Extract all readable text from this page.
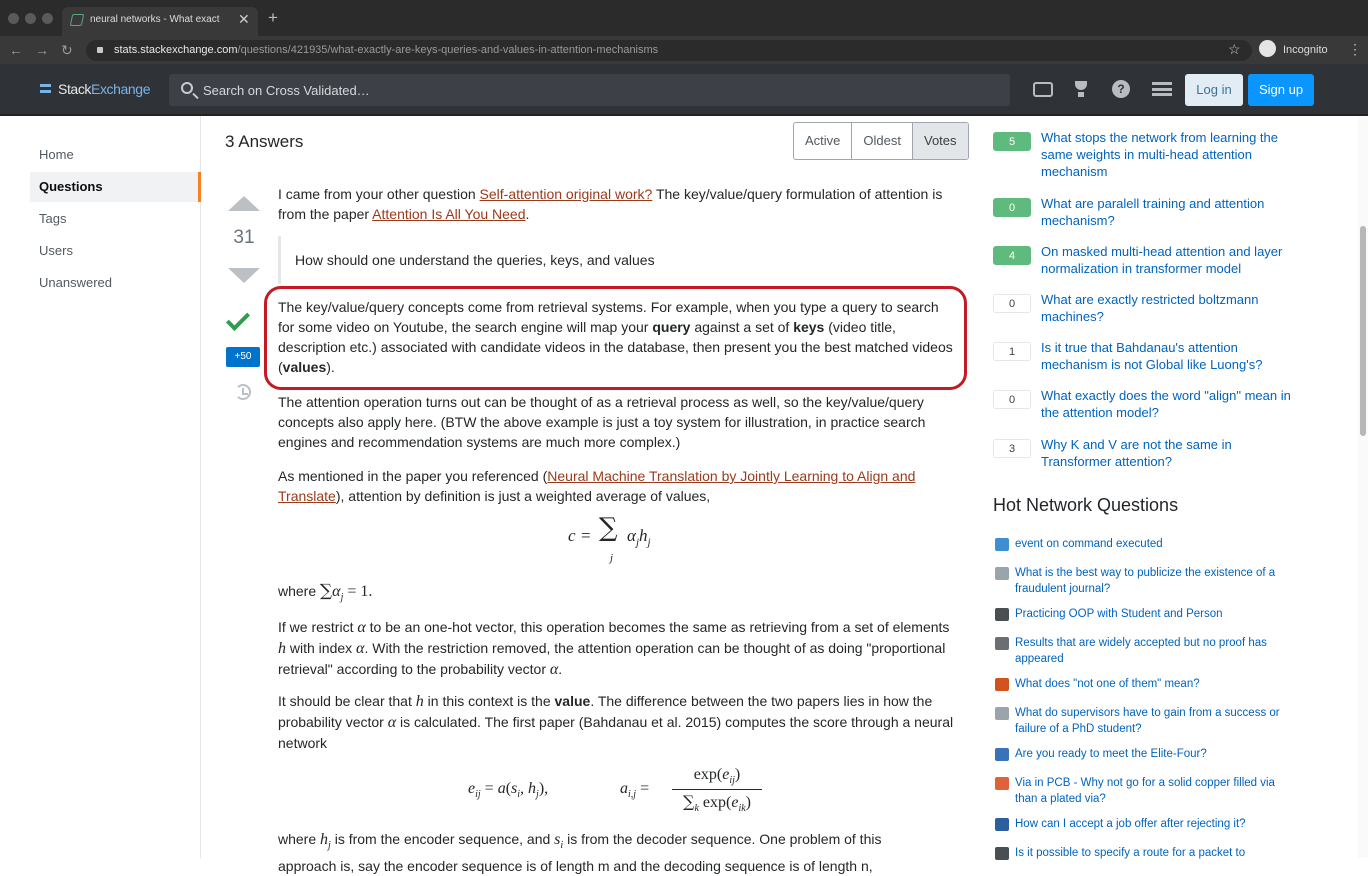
neural networks - What exact	✕ +
← → ↻	stats.stackexchange.com/questions/421935/what-exactly-are-keys-queries-and-values-in-attention-mechanisms	☆	Incognito ⋮
StackExchange
Search on Cross Validated…	?	Log in	Sign up
Home
Questions
Tags
Users
Unanswered
3 Answers	Active	Oldest	Votes
31
+50

I came from your other question Self-attention original work? The key/value/query formulation of attention is from the paper Attention Is All You Need.

How should one understand the queries, keys, and values

The key/value/query concepts come from retrieval systems. For example, when you type a query to search for some video on Youtube, the search engine will map your query against a set of keys (video title, description etc.) associated with candidate videos in the database, then present you the best matched videos (values).

The attention operation turns out can be thought of as a retrieval process as well, so the key/value/query concepts also apply here. (BTW the above example is just a toy system for illustration, in practice search engines and recommendation systems are much more complex.)

As mentioned in the paper you referenced (Neural Machine Translation by Jointly Learning to Align and Translate), attention by definition is just a weighted average of values,

c = ∑
j
$\alpha_jh_j$

where $\sum\alpha_j = 1$.

If we restrict α to be an one-hot vector, this operation becomes the same as retrieving from a set of elements h with index α. With the restriction removed, the attention operation can be thought of as doing "proportional retrieval" according to the probability vector α.

It should be clear that h in this context is the value. The difference between the two papers lies in how the probability vector α is calculated. The first paper (Bahdanau et al. 2015) computes the score through a neural network

$e_{ij} = a(s_i$, $h_j$),	$a_{i,j}$ =
$\exp(e_{ij})$
$\sum_k$ $\exp(e_{ik})$

where $h_j$ is from the encoder sequence, and $s_i$ is from the decoder sequence. One problem of this
approach is, say the encoder sequence is of length m and the decoding sequence is of length n,

5	What stops the network from learning the same weights in multi-head attention mechanism
0	What are paralell training and attention mechanism?
4	On masked multi-head attention and layer normalization in transformer model
0	What are exactly restricted boltzmann machines?
1	Is it true that Bahdanau's attention mechanism is not Global like Luong's?
0	What exactly does the word "align" mean in the attention model?
3	Why K and V are not the same in Transformer attention?
Hot Network Questions
event on command executed
What is the best way to publicize the existence of a fraudulent journal?
Practicing OOP with Student and Person
Results that are widely accepted but no proof has appeared
What does "not one of them" mean?
What do supervisors have to gain from a success or failure of a PhD student?
Are you ready to meet the Elite-Four?
Via in PCB - Why not go for a solid copper filled via than a plated via?
How can I accept a job offer after rejecting it?
Is it possible to specify a route for a packet to
